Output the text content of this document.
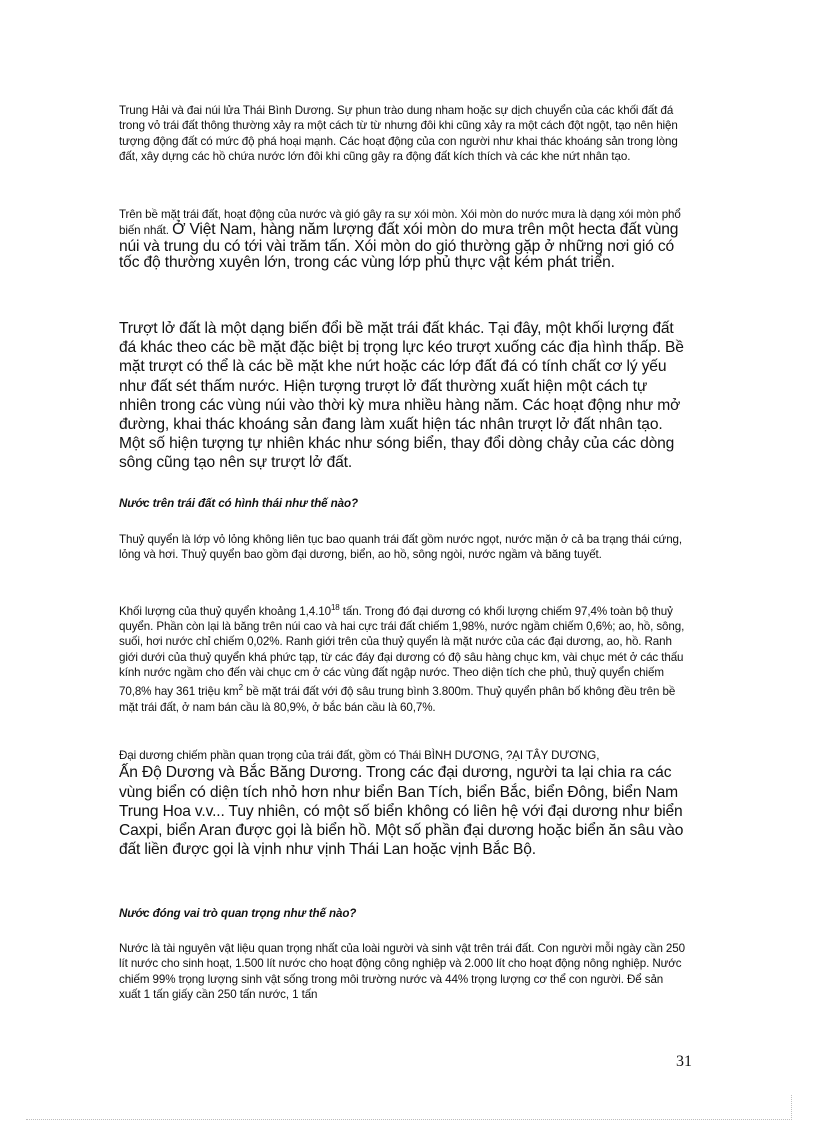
Trung Hải và đai núi lửa Thái Bình Dương. Sự phun trào dung nham hoặc sự dịch chuyển của các khối đất đá trong vỏ trái đất thông thường xảy ra một cách từ từ nhưng đôi khi cũng xảy ra một cách đột ngột, tạo nên hiện tượng động đất có mức độ phá hoại mạnh. Các hoạt động của con người như khai thác khoáng sản trong lòng đất, xây dựng các hồ chứa nước lớn đôi khi cũng gây ra động đất kích thích và các khe nứt nhân tạo.

Trên bề mặt trái đất, hoạt động của nước và gió gây ra sự xói mòn. Xói mòn do nước mưa là dạng xói mòn phổ biến nhất. Ở Việt Nam, hàng năm lượng đất xói mòn do mưa trên một hecta đất vùng núi và trung du có tới vài trăm tấn. Xói mòn do gió thường gặp ở những nơi gió có tốc độ thường xuyên lớn, trong các vùng lớp phủ thực vật kém phát triển.

Trượt lở đất là một dạng biến đổi bề mặt trái đất khác. Tại đây, một khối lượng đất đá khác theo các bề mặt đặc biệt bị trọng lực kéo trượt xuống các địa hình thấp. Bề mặt trượt có thể là các bề mặt khe nứt hoặc các lớp đất đá có tính chất cơ lý yếu như đất sét thấm nước. Hiện tượng trượt lở đất thường xuất hiện một cách tự nhiên trong các vùng núi vào thời kỳ mưa nhiều hàng năm. Các hoạt động như mở đường, khai thác khoáng sản đang làm xuất hiện tác nhân trượt lở đất nhân tạo. Một số hiện tượng tự nhiên khác như sóng biển, thay đổi dòng chảy của các dòng sông cũng tạo nên sự trượt lở đất.

Nước trên trái đất có hình thái như thế nào?

Thuỷ quyển là lớp vỏ lỏng không liên tục bao quanh trái đất gồm nước ngọt, nước mặn ở cả ba trạng thái cứng, lỏng và hơi. Thuỷ quyển bao gồm đại dương, biển, ao hồ, sông ngòi, nước ngầm và băng tuyết.

Khối lượng của thuỷ quyển khoảng 1,4.10$^{18}$ tấn. Trong đó đại dương có khối lượng chiếm 97,4% toàn bộ thuỷ quyển. Phần còn lại là băng trên núi cao và hai cực trái đất chiếm 1,98%, nước ngầm chiếm 0,6%; ao, hồ, sông, suối, hơi nước chỉ chiếm 0,02%. Ranh giới trên của thuỷ quyển là mặt nước của các đại dương, ao, hồ. Ranh giới dưới của thuỷ quyển khá phức tạp, từ các đáy đại dương có độ sâu hàng chục km, vài chục mét ở các thấu kính nước ngầm cho đến vài chục cm ở các vùng đất ngập nước. Theo diện tích che phủ, thuỷ quyển chiếm 70,8% hay 361 triệu $km^2$ bề mặt trái đất với độ sâu trung bình 3.800m. Thuỷ quyển phân bố không đều trên bề mặt trái đất, ở nam bán cầu là 80,9%, ở bắc bán cầu là 60,7%.

Đại dương chiếm phần quan trọng của trái đất, gồm có Thái BÌNH DƯƠNG, ?ẠI TÂY DƯƠNG,
Ấn Độ Dương và Bắc Băng Dương. Trong các đại dương, người ta lại chia ra các vùng biển có diện tích nhỏ hơn như biển Ban Tích, biển Bắc, biển Đông, biển Nam Trung Hoa v.v... Tuy nhiên, có một số biển không có liên hệ với đại dương như biển Caxpi, biển Aran được gọi là biển hồ. Một số phần đại dương hoặc biển ăn sâu vào đất liền được gọi là vịnh như vịnh Thái Lan hoặc vịnh Bắc Bộ.

Nước đóng vai trò quan trọng như thế nào?

Nước là tài nguyên vật liệu quan trọng nhất của loài người và sinh vật trên trái đất. Con người mỗi ngày cần 250 lít nước cho sinh hoạt, 1.500 lít nước cho hoạt động công nghiệp và 2.000 lít cho hoạt động nông nghiệp. Nước chiếm 99% trọng lượng sinh vật sống trong môi trường nước và 44% trọng lượng cơ thể con người. Để sản xuất 1 tấn giấy cần 250 tấn nước, 1 tấn

31
